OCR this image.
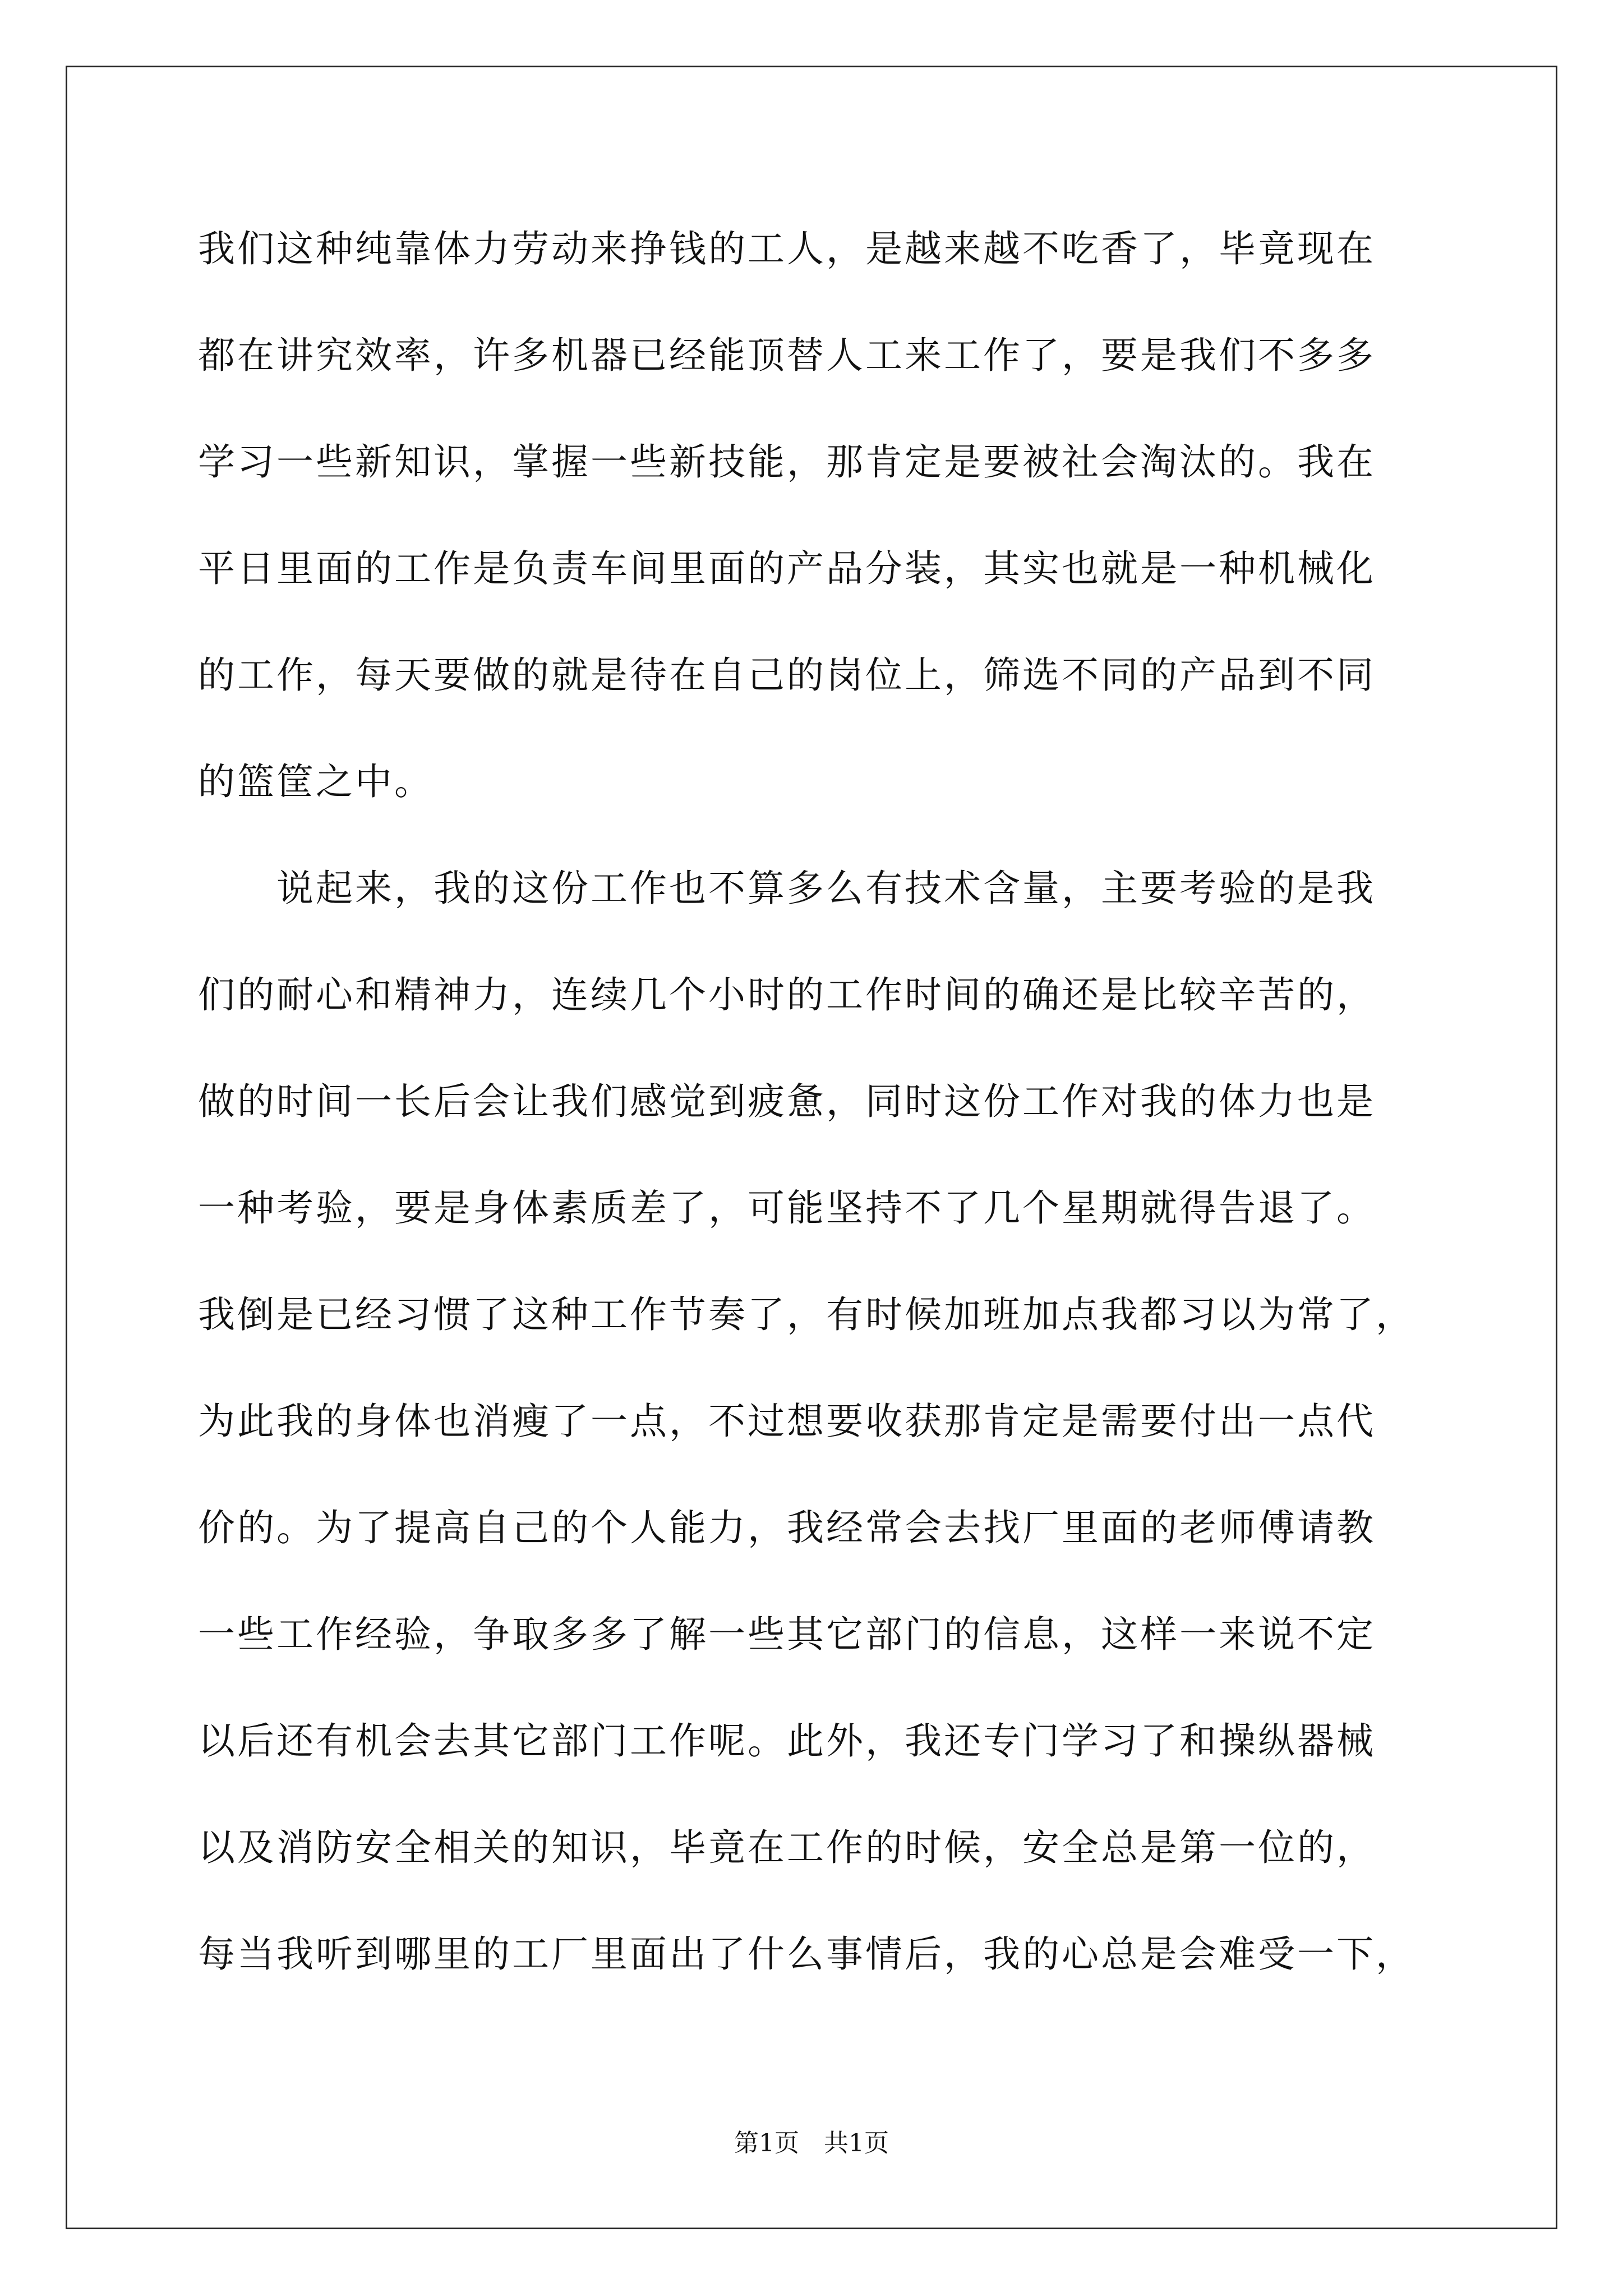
我们这种纯靠体力劳动来挣钱的工人，是越来越不吃香了，毕竟现在
都在讲究效率，许多机器已经能顶替人工来工作了，要是我们不多多
学习一些新知识，掌握一些新技能，那肯定是要被社会淘汰的。我在
平日里面的工作是负责车间里面的产品分装，其实也就是一种机械化
的工作，每天要做的就是待在自己的岗位上，筛选不同的产品到不同
的篮筐之中。
　　说起来，我的这份工作也不算多么有技术含量，主要考验的是我
们的耐心和精神力，连续几个小时的工作时间的确还是比较辛苦的，
做的时间一长后会让我们感觉到疲惫，同时这份工作对我的体力也是
一种考验，要是身体素质差了，可能坚持不了几个星期就得告退了。
我倒是已经习惯了这种工作节奏了，有时候加班加点我都习以为常了，
为此我的身体也消瘦了一点，不过想要收获那肯定是需要付出一点代
价的。为了提高自己的个人能力，我经常会去找厂里面的老师傅请教
一些工作经验，争取多多了解一些其它部门的信息，这样一来说不定
以后还有机会去其它部门工作呢。此外，我还专门学习了和操纵器械
以及消防安全相关的知识，毕竟在工作的时候，安全总是第一位的，
每当我听到哪里的工厂里面出了什么事情后，我的心总是会难受一下，
第1页　共1页
